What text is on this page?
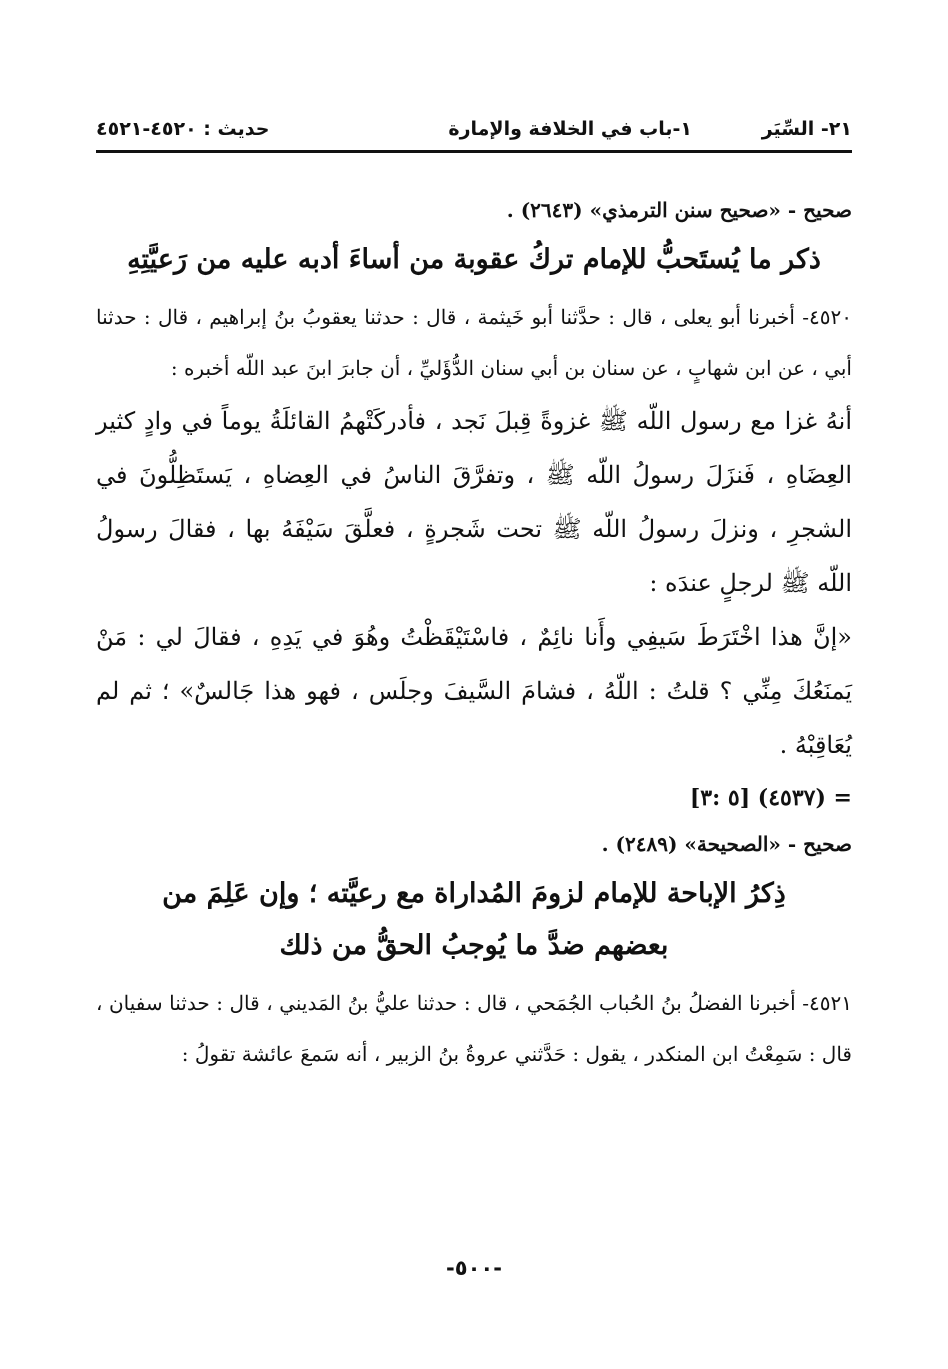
٢١- السِّيَر
١-باب في الخلافة والإمارة
حديث : ٤٥٢٠-٤٥٢١

صحيح - «صحيح سنن الترمذي» (٢٦٤٣) .

ذكر ما يُستَحبُّ للإمام تركُ عقوبة من أساءَ أدبه عليه من رَعيَّتِهِ

٤٥٢٠- أخبرنا أبو يعلى ، قال : حدَّثنا أبو خَيثمة ، قال : حدثنا يعقوبُ بنُ إبراهيم ، قال : حدثنا أبي ، عن ابن شهابٍ ، عن سنان بن أبي سنان الدُّؤَليِّ ، أن جابرَ ابنَ عبد اللّه أخبره :

أنهُ غزا مع رسول اللّه ﷺ غزوةً قِبلَ نَجد ، فأدركَتْهمُ القائلَةُ يوماً في وادٍ كثير العِضَاهِ ، فَنزَلَ رسولُ اللّه ﷺ ، وتفرَّقَ الناسُ في العِضاهِ ، يَستَظِلُّونَ في الشجرِ ، ونزلَ رسولُ اللّه ﷺ تحت شَجرةٍ ، فعلَّقَ سَيْفَهُ بها ، فقالَ رسولُ اللّه ﷺ لرجلٍ عندَه :

«إنَّ هذا اخْتَرَطَ سَيفِي وأَنا نائِمٌ ، فاسْتَيْقَظْتُ وهُوَ في يَدِهِ ، فقالَ لي : مَنْ يَمنَعُكَ مِنِّي ؟ قلتُ : اللّهُ ، فشامَ السَّيفَ وجلَس ، فهو هذا جَالسٌ» ؛ ثم لم يُعَاقِبْهُ .

= (٤٥٣٧) [٥ :٣]

صحيح - «الصحيحة» (٢٤٨٩) .

ذِكرُ الإباحة للإمام لزومَ المُداراة مع رعيَّته ؛ وإن عَلِمَ من بعضهم ضدَّ ما يُوجبُ الحقُّ من ذلك

٤٥٢١- أخبرنا الفضلُ بنُ الحُباب الجُمَحي ، قال : حدثنا عليُّ بنُ المَديني ، قال : حدثنا سفيان ، قال : سَمِعْتُ ابن المنكدر ، يقول : حَدَّثني عروةُ بنُ الزبير ، أنه سَمعَ عائشة تقولُ :

-٥٠٠-
